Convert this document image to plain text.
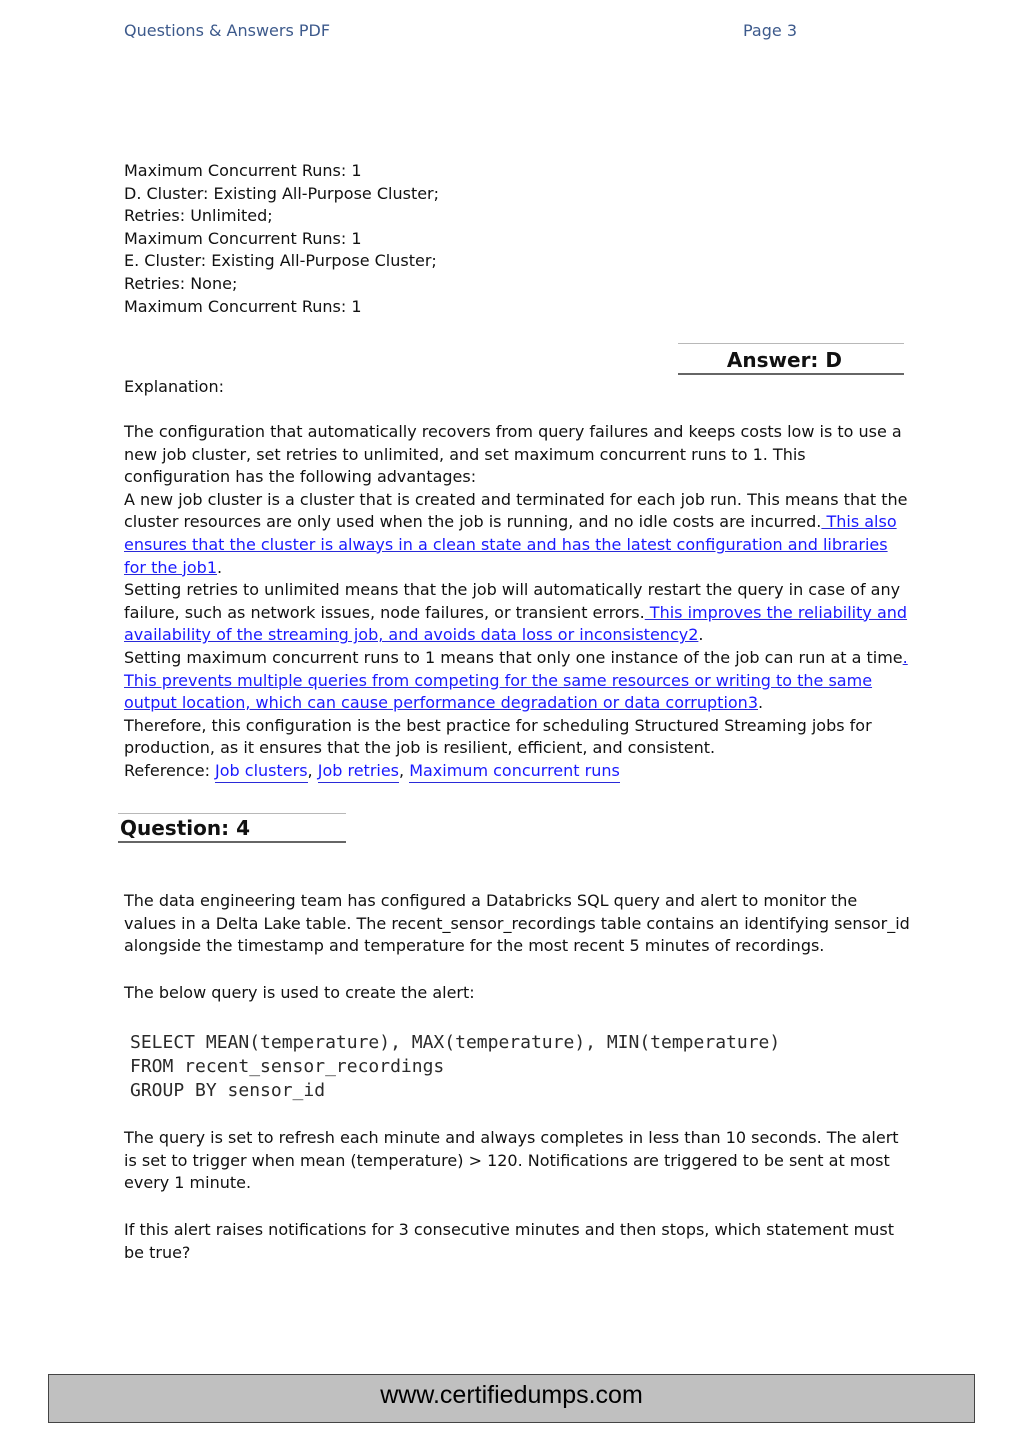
Questions & Answers PDF	Page 3

Maximum Concurrent Runs: 1

D. Cluster: Existing All-Purpose Cluster;

Retries: Unlimited;

Maximum Concurrent Runs: 1

E. Cluster: Existing All-Purpose Cluster;

Retries: None;

Maximum Concurrent Runs: 1

Answer: D

Explanation:

The configuration that automatically recovers from query failures and keeps costs low is to use a new job cluster, set retries to unlimited, and set maximum concurrent runs to 1. This configuration has the following advantages:

A new job cluster is a cluster that is created and terminated for each job run. This means that the cluster resources are only used when the job is running, and no idle costs are incurred. This also ensures that the cluster is always in a clean state and has the latest configuration and libraries for the job1.

Setting retries to unlimited means that the job will automatically restart the query in case of any failure, such as network issues, node failures, or transient errors. This improves the reliability and availability of the streaming job, and avoids data loss or inconsistency2.

Setting maximum concurrent runs to 1 means that only one instance of the job can run at a time. This prevents multiple queries from competing for the same resources or writing to the same output location, which can cause performance degradation or data corruption3.

Therefore, this configuration is the best practice for scheduling Structured Streaming jobs for production, as it ensures that the job is resilient, efficient, and consistent.

Reference: Job clusters, Job retries, Maximum concurrent runs

Question: 4

The data engineering team has configured a Databricks SQL query and alert to monitor the values in a Delta Lake table. The recent_sensor_recordings table contains an identifying sensor_id alongside the timestamp and temperature for the most recent 5 minutes of recordings.

The below query is used to create the alert:

SELECT MEAN(temperature), MAX(temperature), MIN(temperature)
FROM recent_sensor_recordings
GROUP BY sensor_id

The query is set to refresh each minute and always completes in less than 10 seconds. The alert is set to trigger when mean (temperature) > 120. Notifications are triggered to be sent at most every 1 minute.

If this alert raises notifications for 3 consecutive minutes and then stops, which statement must be true?

www.certifiedumps.com
